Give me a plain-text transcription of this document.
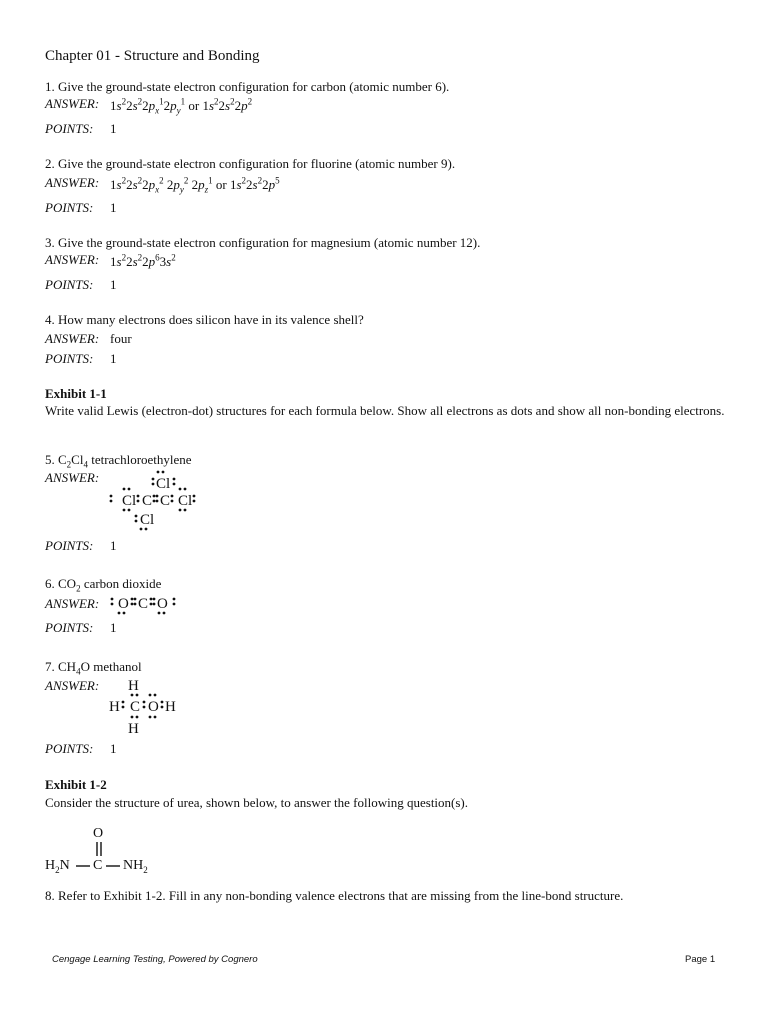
Chapter 01 - Structure and Bonding
1. Give the ground-state electron configuration for carbon (atomic number 6).
ANSWER: $1s^22s^22p_x^12p_y^1$ or $1s^22s^22p^2$
POINTS: 1
2. Give the ground-state electron configuration for fluorine (atomic number 9).
ANSWER: $1s^22s^22p_x^2$ $2p_y^2$ $2p_z^1$ or $1s^22s^22p^5$
POINTS: 1
3. Give the ground-state electron configuration for magnesium (atomic number 12).
ANSWER: $1s^22s^22p^63s^2$
POINTS: 1
4. How many electrons does silicon have in its valence shell?
ANSWER: four
POINTS: 1
Exhibit 1-1
Write valid Lewis (electron-dot) structures for each formula below. Show all electrons as dots and show all non-bonding electrons.
5. $C_2Cl_4$ tetrachloroethylene
ANSWER:	Cl
Cl C C Cl
Cl
POINTS: 1
6. $CO_2$ carbon dioxide
ANSWER: O C O
POINTS: 1
7. $CH_4O$ methanol
ANSWER: H
H C O H
H
POINTS: 1
Exhibit 1-2
Consider the structure of urea, shown below, to answer the following question(s).
O
$H_2N$ C $NH_2$
8. Refer to Exhibit 1-2. Fill in any non-bonding valence electrons that are missing from the line-bond structure.
Cengage Learning Testing, Powered by Cognero	Page 1
